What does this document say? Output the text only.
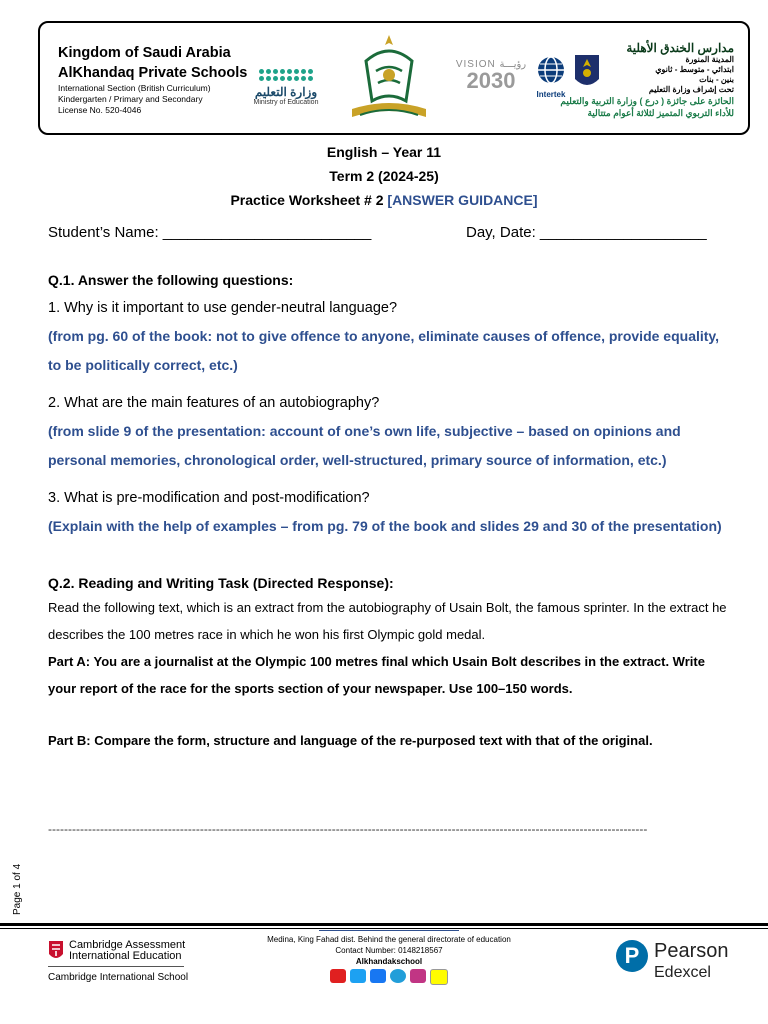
Kingdom of Saudi Arabia
AlKhandaq Private Schools
International Section (British Curriculum)
Kindergarten / Primary and Secondary
License No. 520-4046
وزارة التعليم
Ministry of Education
VISION رؤيـــة
2030
Intertek
مدارس الخندق الأهلية
المدينة المنورة
ابتدائي - متوسط - ثانوي
بنين - بنات
تحت إشراف وزارة التعليم
الحائزة على جائزة ( درع ) وزارة التربية والتعليم
للأداء التربوي المتميز لثلاثة أعوام متتالية
English – Year 11
Term 2 (2024-25)
Practice Worksheet # 2 [ANSWER GUIDANCE]
Student’s Name: _________________________	Day, Date: ____________________

Q.1. Answer the following questions:

1. Why is it important to use gender-neutral language?

(from pg. 60 of the book: not to give offence to anyone, eliminate causes of offence, provide equality, to be politically correct, etc.)

2. What are the main features of an autobiography?

(from slide 9 of the presentation: account of one’s own life, subjective – based on opinions and personal memories, chronological order, well-structured, primary source of information, etc.)

3. What is pre-modification and post-modification?

(Explain with the help of examples – from pg. 79 of the book and slides 29 and 30 of the presentation)

Q.2. Reading and Writing Task (Directed Response):

Read the following text, which is an extract from the autobiography of Usain Bolt, the famous sprinter. In the extract he describes the 100 metres race in which he won his first Olympic gold medal.

Part A: You are a journalist at the Olympic 100 metres final which Usain Bolt describes in the extract. Write your report of the race for the sports section of your newspaper. Use 100–150 words.

Part B: Compare the form, structure and language of the re-purposed text with that of the original.

------------------------------------------------------------------------------------------------------------------------------------------------------
Page 1 of 4
Cambridge Assessment
International Education
Cambridge International School
Medina, King Fahad dist. Behind the general directorate of education
Contact Number: 0148218567
Alkhandakschool	P Pearson
Edexcel
